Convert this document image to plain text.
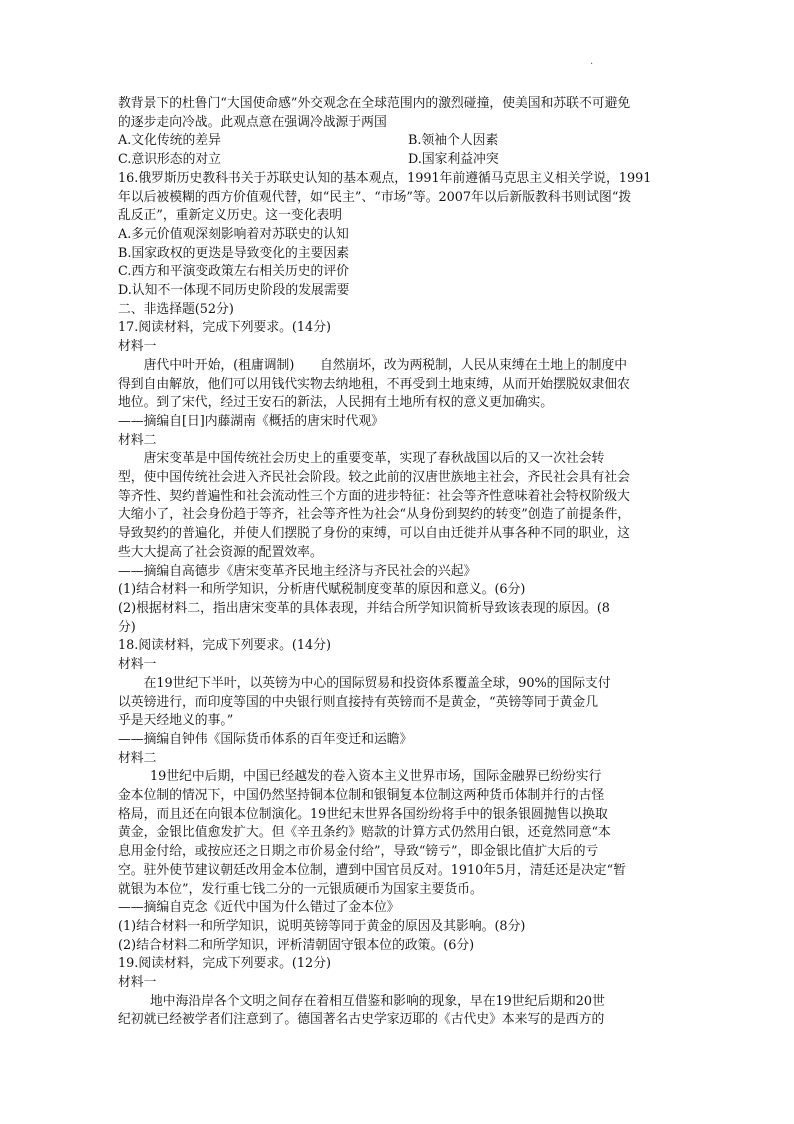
.
教背景下的杜鲁门“大国使命感”外交观念在全球范围内的激烈碰撞，使美国和苏联不可避免
的逐步走向冷战。此观点意在强调冷战源于两国
A.文化传统的差异	B.领袖个人因素
C.意识形态的对立	D.国家利益冲突
16.俄罗斯历史教科书关于苏联史认知的基本观点，1991年前遵循马克思主义相关学说，1991
年以后被模糊的西方价值观代替，如“民主”、“市场”等。2007年以后新版教科书则试图“拨
乱反正”，重新定义历史。这一变化表明
A.多元价值观深刻影响着对苏联史的认知
B.国家政权的更迭是导致变化的主要因素
C.西方和平演变政策左右相关历史的评价
D.认知不一体现不同历史阶段的发展需要
二、非选择题(52分)
17.阅读材料，完成下列要求。(14分)
材料一
唐代中叶开始，(租庸调制)　　自然崩坏，改为两税制，人民从束缚在土地上的制度中
得到自由解放，他们可以用钱代实物去纳地租，不再受到土地束缚，从而开始摆脱奴隶佃农
地位。到了宋代，经过王安石的新法，人民拥有土地所有权的意义更加确实。
——摘编自[日]内藤湖南《概括的唐宋时代观》
材料二
唐宋变革是中国传统社会历史上的重要变革，实现了春秋战国以后的又一次社会转
型，使中国传统社会进入齐民社会阶段。较之此前的汉唐世族地主社会，齐民社会具有社会
等齐性、契约普遍性和社会流动性三个方面的进步特征：社会等齐性意味着社会特权阶级大
大缩小了，社会身份趋于等齐，社会等齐性为社会“从身份到契约的转变”创造了前提条件，
导致契约的普遍化，并使人们摆脱了身份的束缚，可以自由迁徙并从事各种不同的职业，这
些大大提高了社会资源的配置效率。
——摘编自高德步《唐宋变革齐民地主经济与齐民社会的兴起》
(1)结合材料一和所学知识，分析唐代赋税制度变革的原因和意义。(6分)
(2)根据材料二，指出唐宋变革的具体表现，并结合所学知识简析导致该表现的原因。(8
分)
18.阅读材料，完成下列要求。(14分)
材料一
在19世纪下半叶，以英镑为中心的国际贸易和投资体系覆盖全球，90%的国际支付
以英镑进行，而印度等国的中央银行则直接持有英镑而不是黄金，“英镑等同于黄金几
乎是天经地义的事。”
——摘编自钟伟《国际货币体系的百年变迁和运瞻》
材料二
19世纪中后期，中国已经越发的卷入资本主义世界市场，国际金融界已纷纷实行
金本位制的情况下，中国仍然坚持铜本位制和银铜复本位制这两种货币体制并行的古怪
格局，而且还在向银本位制演化。19世纪末世界各国纷纷将手中的银条银圆抛售以换取
黄金，金银比值愈发扩大。但《辛丑条约》赔款的计算方式仍然用白银，还竟然同意“本
息用金付给，或按应还之日期之市价易金付给”，导致“镑亏”，即金银比值扩大后的亏
空。驻外使节建议朝廷改用金本位制，遭到中国官员反对。1910年5月，清廷还是决定“暂
就银为本位”，发行重七钱二分的一元银质硬币为国家主要货币。
——摘编自克念《近代中国为什么错过了金本位》
(1)结合材料一和所学知识，说明英镑等同于黄金的原因及其影响。(8分)
(2)结合材料二和所学知识，评析清朝固守银本位的政策。(6分)
19.阅读材料，完成下列要求。(12分)
材料一
地中海沿岸各个文明之间存在着相互借鉴和影响的现象，早在19世纪后期和20世
纪初就已经被学者们注意到了。德国著名古史学家迈耶的《古代史》本来写的是西方的
